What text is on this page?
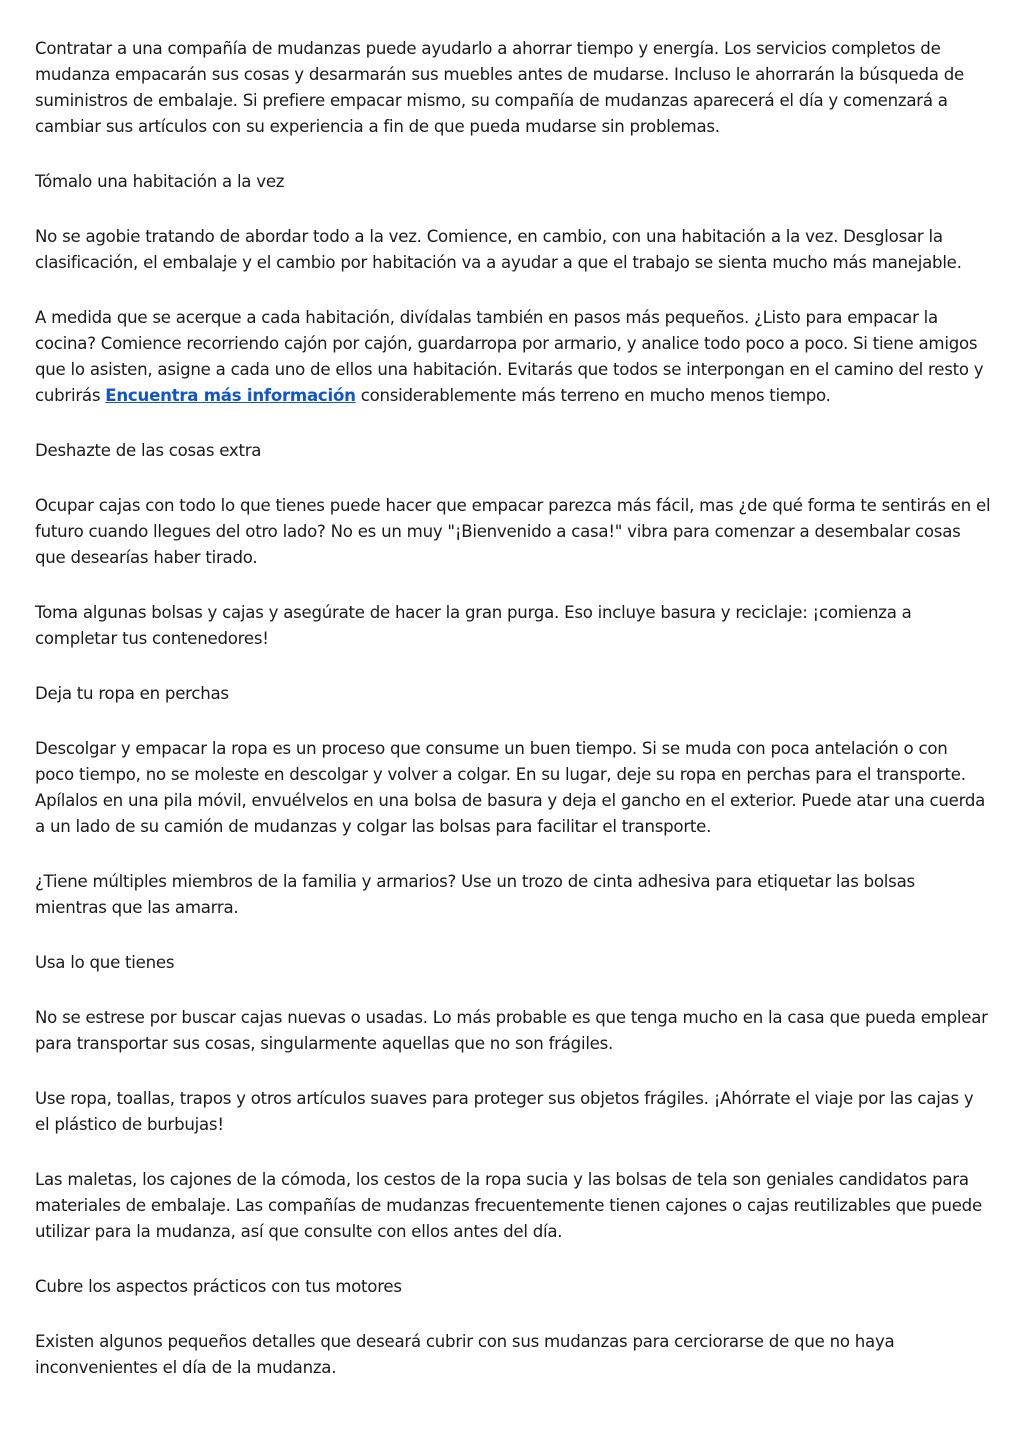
Contratar a una compañía de mudanzas puede ayudarlo a ahorrar tiempo y energía. Los servicios completos de mudanza empacarán sus cosas y desarmarán sus muebles antes de mudarse. Incluso le ahorrarán la búsqueda de suministros de embalaje. Si prefiere empacar mismo, su compañía de mudanzas aparecerá el día y comenzará a cambiar sus artículos con su experiencia a fin de que pueda mudarse sin problemas.

Tómalo una habitación a la vez

No se agobie tratando de abordar todo a la vez. Comience, en cambio, con una habitación a la vez. Desglosar la clasificación, el embalaje y el cambio por habitación va a ayudar a que el trabajo se sienta mucho más manejable.

A medida que se acerque a cada habitación, divídalas también en pasos más pequeños. ¿Listo para empacar la cocina? Comience recorriendo cajón por cajón, guardarropa por armario, y analice todo poco a poco. Si tiene amigos que lo asisten, asigne a cada uno de ellos una habitación. Evitarás que todos se interpongan en el camino del resto y cubrirás Encuentra más información considerablemente más terreno en mucho menos tiempo.

Deshazte de las cosas extra

Ocupar cajas con todo lo que tienes puede hacer que empacar parezca más fácil, mas ¿de qué forma te sentirás en el futuro cuando llegues del otro lado? No es un muy "¡Bienvenido a casa!" vibra para comenzar a desembalar cosas que desearías haber tirado.

Toma algunas bolsas y cajas y asegúrate de hacer la gran purga. Eso incluye basura y reciclaje: ¡comienza a completar tus contenedores!

Deja tu ropa en perchas

Descolgar y empacar la ropa es un proceso que consume un buen tiempo. Si se muda con poca antelación o con poco tiempo, no se moleste en descolgar y volver a colgar. En su lugar, deje su ropa en perchas para el transporte. Apílalos en una pila móvil, envuélvelos en una bolsa de basura y deja el gancho en el exterior. Puede atar una cuerda a un lado de su camión de mudanzas y colgar las bolsas para facilitar el transporte.

¿Tiene múltiples miembros de la familia y armarios? Use un trozo de cinta adhesiva para etiquetar las bolsas mientras que las amarra.

Usa lo que tienes

No se estrese por buscar cajas nuevas o usadas. Lo más probable es que tenga mucho en la casa que pueda emplear para transportar sus cosas, singularmente aquellas que no son frágiles.

Use ropa, toallas, trapos y otros artículos suaves para proteger sus objetos frágiles. ¡Ahórrate el viaje por las cajas y el plástico de burbujas!

Las maletas, los cajones de la cómoda, los cestos de la ropa sucia y las bolsas de tela son geniales candidatos para materiales de embalaje. Las compañías de mudanzas frecuentemente tienen cajones o cajas reutilizables que puede utilizar para la mudanza, así que consulte con ellos antes del día.

Cubre los aspectos prácticos con tus motores

Existen algunos pequeños detalles que deseará cubrir con sus mudanzas para cerciorarse de que no haya inconvenientes el día de la mudanza.
